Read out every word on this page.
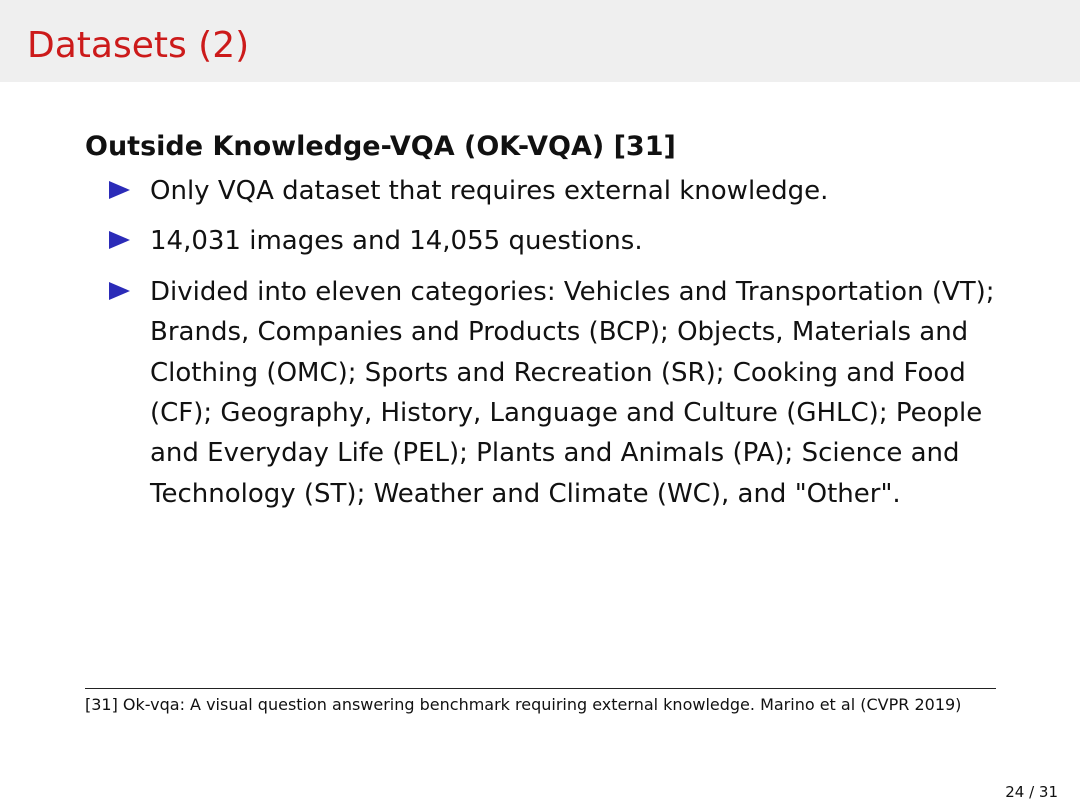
Datasets (2)
Outside Knowledge-VQA (OK-VQA) [31]
Only VQA dataset that requires external knowledge.
14,031 images and 14,055 questions.
Divided into eleven categories: Vehicles and Transportation (VT); Brands, Companies and Products (BCP); Objects, Materials and Clothing (OMC); Sports and Recreation (SR); Cooking and Food (CF); Geography, History, Language and Culture (GHLC); People and Everyday Life (PEL); Plants and Animals (PA); Science and Technology (ST); Weather and Climate (WC), and "Other".
[31] Ok-vqa: A visual question answering benchmark requiring external knowledge. Marino et al (CVPR 2019)
24 / 31
